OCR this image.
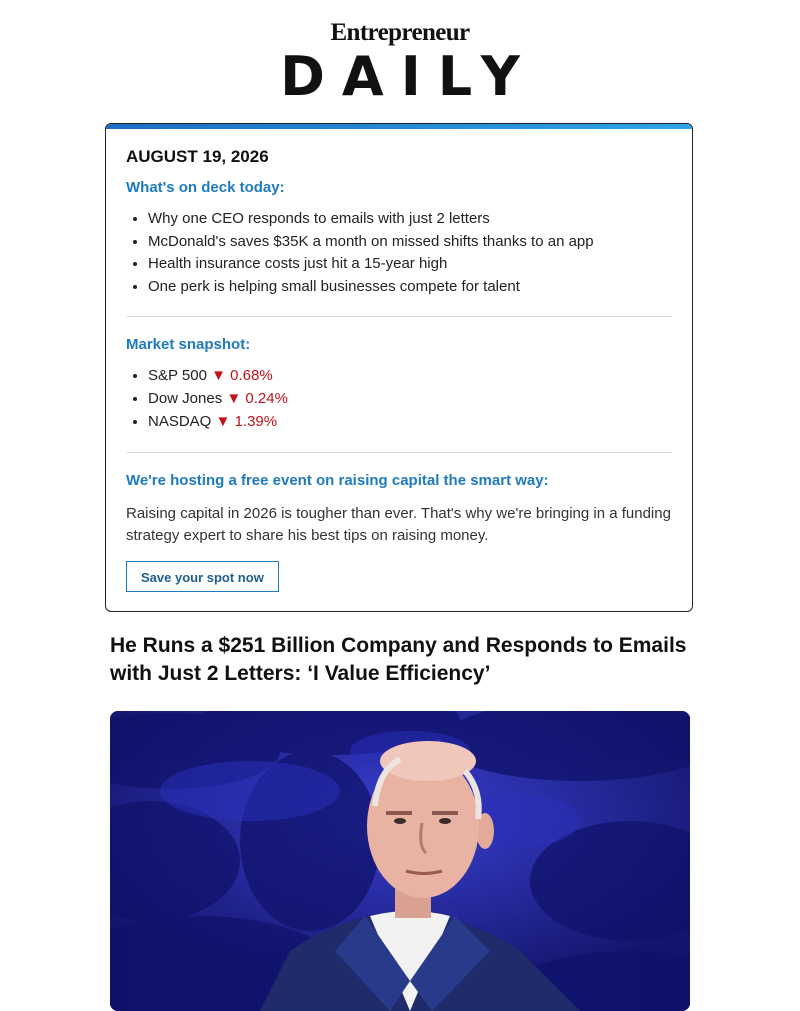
Entrepreneur
DAILY
AUGUST 19, 2026
What's on deck today:
• Why one CEO responds to emails with just 2 letters
• McDonald's saves $35K a month on missed shifts thanks to an app
• Health insurance costs just hit a 15-year high
• One perk is helping small businesses compete for talent
Market snapshot:
• S&P 500 ▼ 0.68%
• Dow Jones ▼ 0.24%
• NASDAQ ▼ 1.39%
We're hosting a free event on raising capital the smart way:
Raising capital in 2026 is tougher than ever. That's why we're bringing in a funding strategy expert to share his best tips on raising money.
Save your spot now
He Runs a $251 Billion Company and Responds to Emails with Just 2 Letters: ‘I Value Efficiency’
